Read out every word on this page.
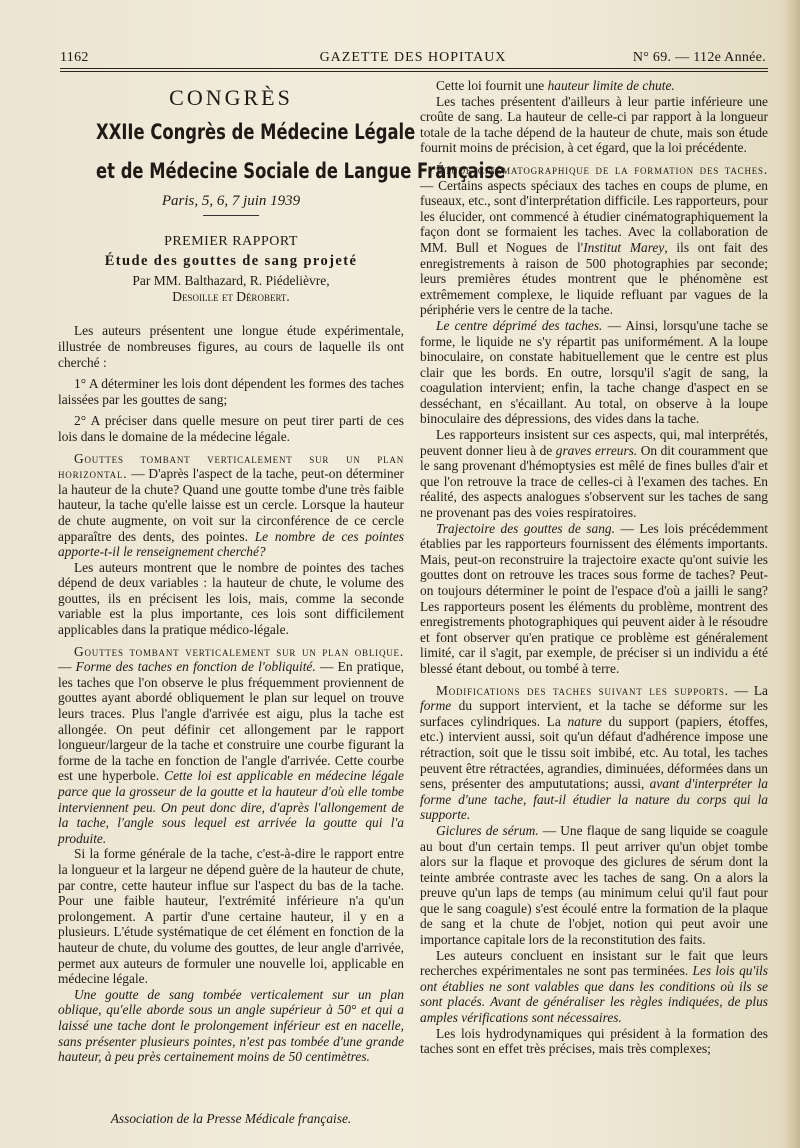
1162	GAZETTE DES HOPITAUX	N° 69. — 112e Année.
CONGRÈS
XXIIe Congrès de Médecine Légale
et de Médecine Sociale de Langue Française
Paris, 5, 6, 7 juin 1939
PREMIER RAPPORT
Étude des gouttes de sang projeté
Par MM. Balthazard, R. Piédelièvre,
Desoille et Dérobert.

Les auteurs présentent une longue étude expérimentale, illustrée de nombreuses figures, au cours de laquelle ils ont cherché :

1° A déterminer les lois dont dépendent les formes des taches laissées par les gouttes de sang;

2° A préciser dans quelle mesure on peut tirer parti de ces lois dans le domaine de la médecine légale.

Gouttes tombant verticalement sur un plan horizontal. — D'après l'aspect de la tache, peut-on déterminer la hauteur de la chute? Quand une goutte tombe d'une très faible hauteur, la tache qu'elle laisse est un cercle. Lorsque la hauteur de chute augmente, on voit sur la circonférence de ce cercle apparaître des dents, des pointes. Le nombre de ces pointes apporte-t-il le renseignement cherché?

Les auteurs montrent que le nombre de pointes des taches dépend de deux variables : la hauteur de chute, le volume des gouttes, ils en précisent les lois, mais, comme la seconde variable est la plus importante, ces lois sont difficilement applicables dans la pratique médico-légale.

Gouttes tombant verticalement sur un plan oblique. — Forme des taches en fonction de l'obliquité. — En pratique, les taches que l'on observe le plus fréquemment proviennent de gouttes ayant abordé obliquement le plan sur lequel on trouve leurs traces. Plus l'angle d'arrivée est aigu, plus la tache est allongée. On peut définir cet allongement par le rapport longueur/largeur de la tache et construire une courbe figurant la forme de la tache en fonction de l'angle d'arrivée. Cette courbe est une hyperbole. Cette loi est applicable en médecine légale parce que la grosseur de la goutte et la hauteur d'où elle tombe interviennent peu. On peut donc dire, d'après l'allongement de la tache, l'angle sous lequel est arrivée la goutte qui l'a produite.

Si la forme générale de la tache, c'est-à-dire le rapport entre la longueur et la largeur ne dépend guère de la hauteur de chute, par contre, cette hauteur influe sur l'aspect du bas de la tache. Pour une faible hauteur, l'extrémité inférieure n'a qu'un prolongement. A partir d'une certaine hauteur, il y en a plusieurs. L'étude systématique de cet élément en fonction de la hauteur de chute, du volume des gouttes, de leur angle d'arrivée, permet aux auteurs de formuler une nouvelle loi, applicable en médecine légale.

Une goutte de sang tombée verticalement sur un plan oblique, qu'elle aborde sous un angle supérieur à 50° et qui a laissé une tache dont le prolongement inférieur est en nacelle, sans présenter plusieurs pointes, n'est pas tombée d'une grande hauteur, à peu près certainement moins de 50 centimètres.

Association de la Presse Médicale française.

Cette loi fournit une hauteur limite de chute.

Les taches présentent d'ailleurs à leur partie inférieure une croûte de sang. La hauteur de celle-ci par rapport à la longueur totale de la tache dépend de la hauteur de chute, mais son étude fournit moins de précision, à cet égard, que la loi précédente.

Étude cinématographique de la formation des taches. — Certains aspects spéciaux des taches en coups de plume, en fuseaux, etc., sont d'interprétation difficile. Les rapporteurs, pour les élucider, ont commencé à étudier cinématographiquement la façon dont se formaient les taches. Avec la collaboration de MM. Bull et Nogues de l'Institut Marey, ils ont fait des enregistrements à raison de 500 photographies par seconde; leurs premières études montrent que le phénomène est extrêmement complexe, le liquide refluant par vagues de la périphérie vers le centre de la tache.

Le centre déprimé des taches. — Ainsi, lorsqu'une tache se forme, le liquide ne s'y répartit pas uniformément. A la loupe binoculaire, on constate habituellement que le centre est plus clair que les bords. En outre, lorsqu'il s'agit de sang, la coagulation intervient; enfin, la tache change d'aspect en se desséchant, en s'écaillant. Au total, on observe à la loupe binoculaire des dépressions, des vides dans la tache.

Les rapporteurs insistent sur ces aspects, qui, mal interprétés, peuvent donner lieu à de graves erreurs. On dit couramment que le sang provenant d'hémoptysies est mêlé de fines bulles d'air et que l'on retrouve la trace de celles-ci à l'examen des taches. En réalité, des aspects analogues s'observent sur les taches de sang ne provenant pas des voies respiratoires.

Trajectoire des gouttes de sang. — Les lois précédemment établies par les rapporteurs fournissent des éléments importants. Mais, peut-on reconstruire la trajectoire exacte qu'ont suivie les gouttes dont on retrouve les traces sous forme de taches? Peut-on toujours déterminer le point de l'espace d'où a jailli le sang? Les rapporteurs posent les éléments du problème, montrent des enregistrements photographiques qui peuvent aider à le résoudre et font observer qu'en pratique ce problème est généralement limité, car il s'agit, par exemple, de préciser si un individu a été blessé étant debout, ou tombé à terre.

Modifications des taches suivant les supports. — La forme du support intervient, et la tache se déforme sur les surfaces cylindriques. La nature du support (papiers, étoffes, etc.) intervient aussi, soit qu'un défaut d'adhérence impose une rétraction, soit que le tissu soit imbibé, etc. Au total, les taches peuvent être rétractées, agrandies, diminuées, déformées dans un sens, présenter des ampututations; aussi, avant d'interpréter la forme d'une tache, faut-il étudier la nature du corps qui la supporte.

Giclures de sérum. — Une flaque de sang liquide se coagule au bout d'un certain temps. Il peut arriver qu'un objet tombe alors sur la flaque et provoque des giclures de sérum dont la teinte ambrée contraste avec les taches de sang. On a alors la preuve qu'un laps de temps (au minimum celui qu'il faut pour que le sang coagule) s'est écoulé entre la formation de la plaque de sang et la chute de l'objet, notion qui peut avoir une importance capitale lors de la reconstitution des faits.

Les auteurs concluent en insistant sur le fait que leurs recherches expérimentales ne sont pas terminées. Les lois qu'ils ont établies ne sont valables que dans les conditions où ils se sont placés. Avant de généraliser les règles indiquées, de plus amples vérifications sont nécessaires.

Les lois hydrodynamiques qui président à la formation des taches sont en effet très précises, mais très complexes;
